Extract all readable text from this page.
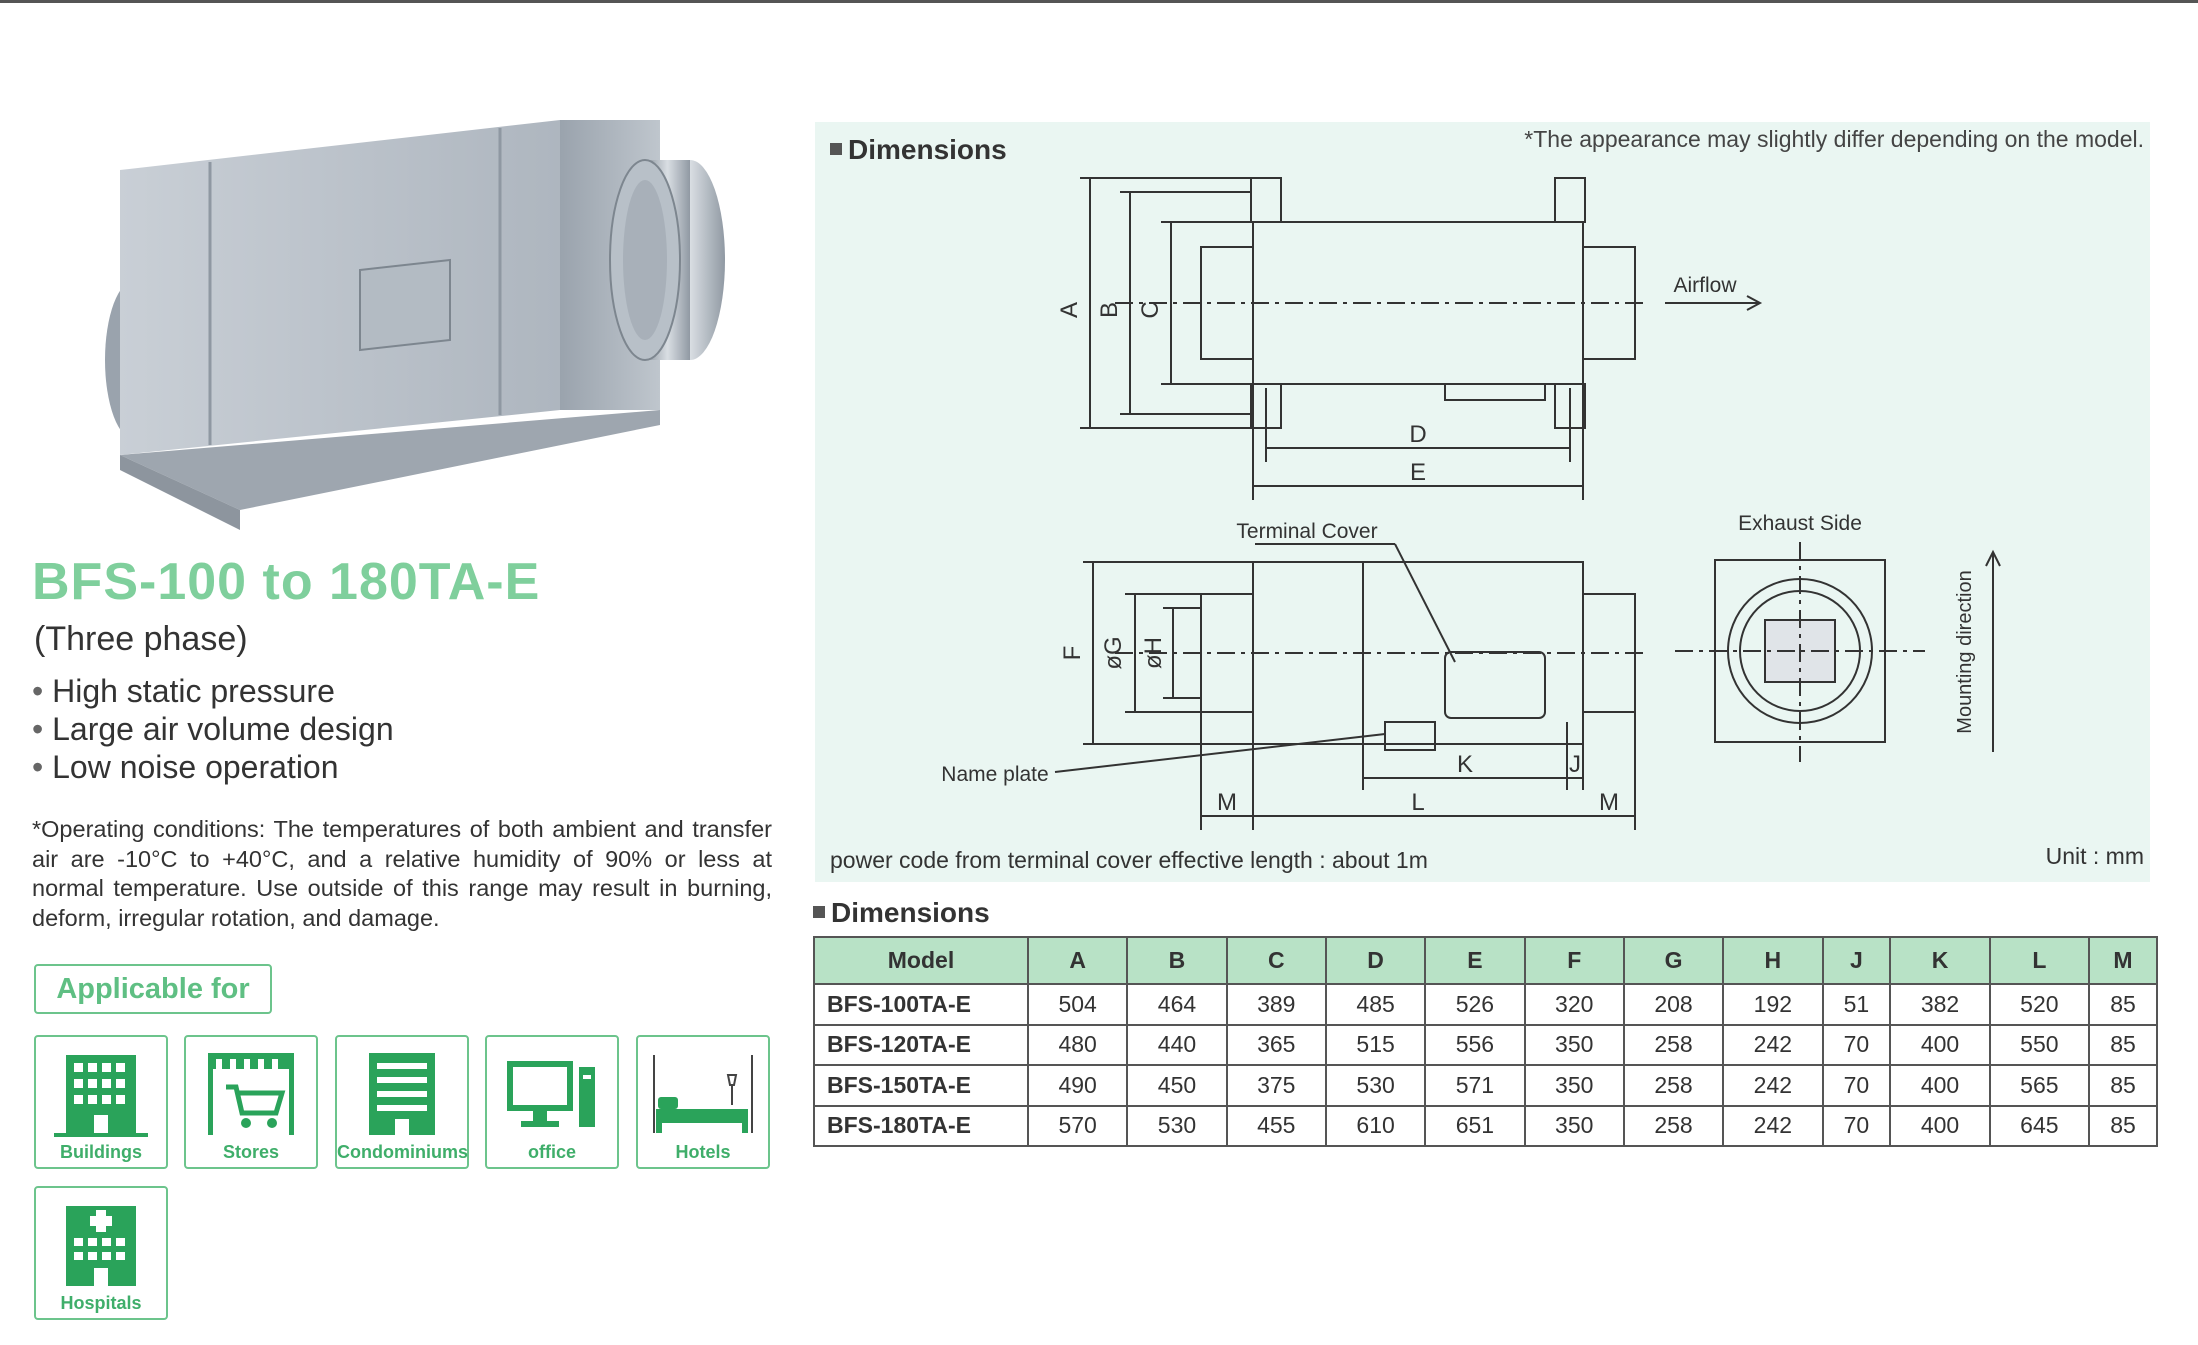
BFS-100 to 180TA-E
(Three phase)
• High static pressure
• Large air volume design
• Low noise operation
*Operating conditions: The temperatures of both ambient and transfer air are -10°C to +40°C, and a relative humidity of 90% or less at normal temperature. Use outside of this range may result in burning, deform, irregular rotation, and damage.
Applicable for
Buildings	Stores	Condominiums	office	Hotels
Hospitals
Dimensions	*The appearance may slightly differ depending on the model.
A B C
D
E
Airflow
Terminal Cover	Exhaust Side
F øG øH
Name plate	K	J
M	L	M
Mounting direction
power code from terminal cover effective length : about 1m	Unit : mm
Dimensions
Model	A	B	C	D	E	F	G	H	J	K	L	M
BFS-100TA-E	504	464	389	485	526	320	208	192	51	382	520	85
BFS-120TA-E	480	440	365	515	556	350	258	242	70	400	550	85
BFS-150TA-E	490	450	375	530	571	350	258	242	70	400	565	85
BFS-180TA-E	570	530	455	610	651	350	258	242	70	400	645	85
